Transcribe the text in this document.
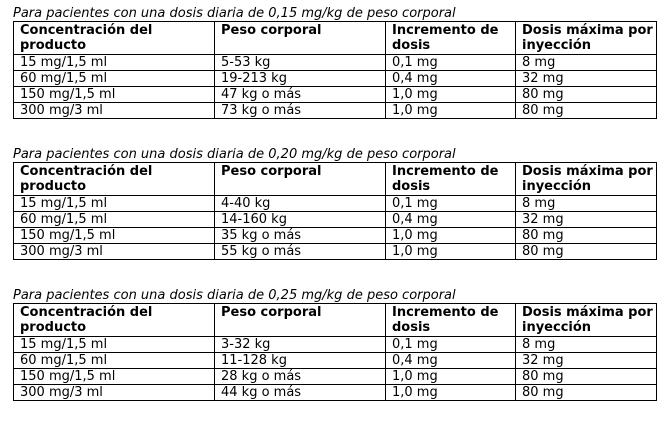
Para pacientes con una dosis diaria de 0,15 mg/kg de peso corporal
Concentración del producto	Peso corporal	Incremento de dosis	Dosis máxima por inyección
15 mg/1,5 ml	5-53 kg	0,1 mg	8 mg
60 mg/1,5 ml	19-213 kg	0,4 mg	32 mg
150 mg/1,5 ml	47 kg o más	1,0 mg	80 mg
300 mg/3 ml	73 kg o más	1,0 mg	80 mg
Para pacientes con una dosis diaria de 0,20 mg/kg de peso corporal
Concentración del producto	Peso corporal	Incremento de dosis	Dosis máxima por inyección
15 mg/1,5 ml	4-40 kg	0,1 mg	8 mg
60 mg/1,5 ml	14-160 kg	0,4 mg	32 mg
150 mg/1,5 ml	35 kg o más	1,0 mg	80 mg
300 mg/3 ml	55 kg o más	1,0 mg	80 mg
Para pacientes con una dosis diaria de 0,25 mg/kg de peso corporal
Concentración del producto	Peso corporal	Incremento de dosis	Dosis máxima por inyección
15 mg/1,5 ml	3-32 kg	0,1 mg	8 mg
60 mg/1,5 ml	11-128 kg	0,4 mg	32 mg
150 mg/1,5 ml	28 kg o más	1,0 mg	80 mg
300 mg/3 ml	44 kg o más	1,0 mg	80 mg
